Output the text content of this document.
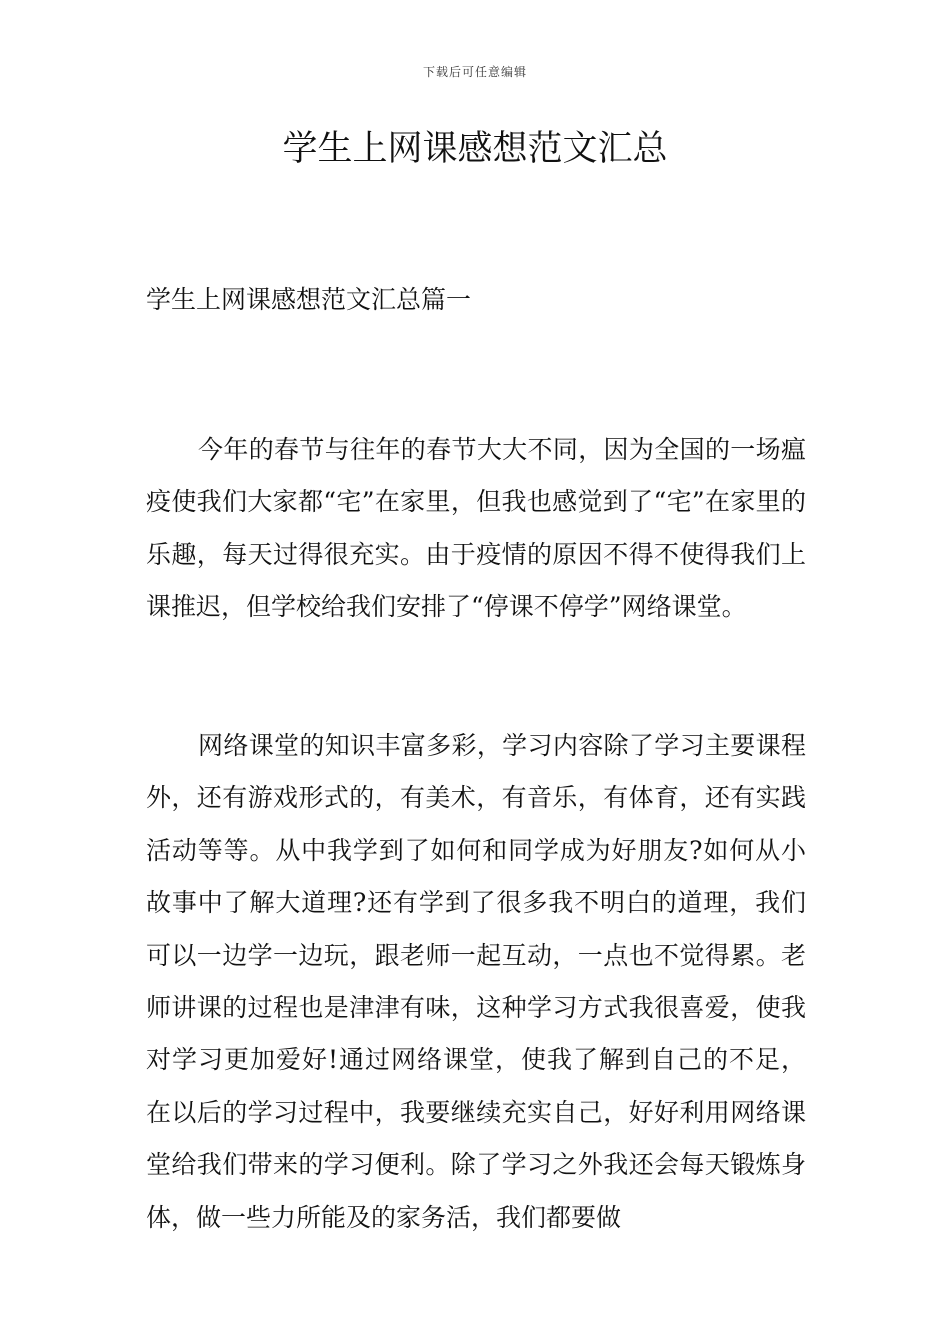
下载后可任意编辑
学生上网课感想范文汇总
学生上网课感想范文汇总篇一

今年的春节与往年的春节大大不同，因为全国的一场瘟疫使我们大家都“宅”在家里，但我也感觉到了“宅”在家里的乐趣，每天过得很充实。由于疫情的原因不得不使得我们上课推迟，但学校给我们安排了“停课不停学”网络课堂。

网络课堂的知识丰富多彩，学习内容除了学习主要课程外，还有游戏形式的，有美术，有音乐，有体育，还有实践活动等等。从中我学到了如何和同学成为好朋友?如何从小故事中了解大道理?还有学到了很多我不明白的道理，我们可以一边学一边玩，跟老师一起互动，一点也不觉得累。老师讲课的过程也是津津有味，这种学习方式我很喜爱，使我对学习更加爱好!通过网络课堂，使我了解到自己的不足，在以后的学习过程中，我要继续充实自己，好好利用网络课堂给我们带来的学习便利。除了学习之外我还会每天锻炼身体，做一些力所能及的家务活，我们都要做
